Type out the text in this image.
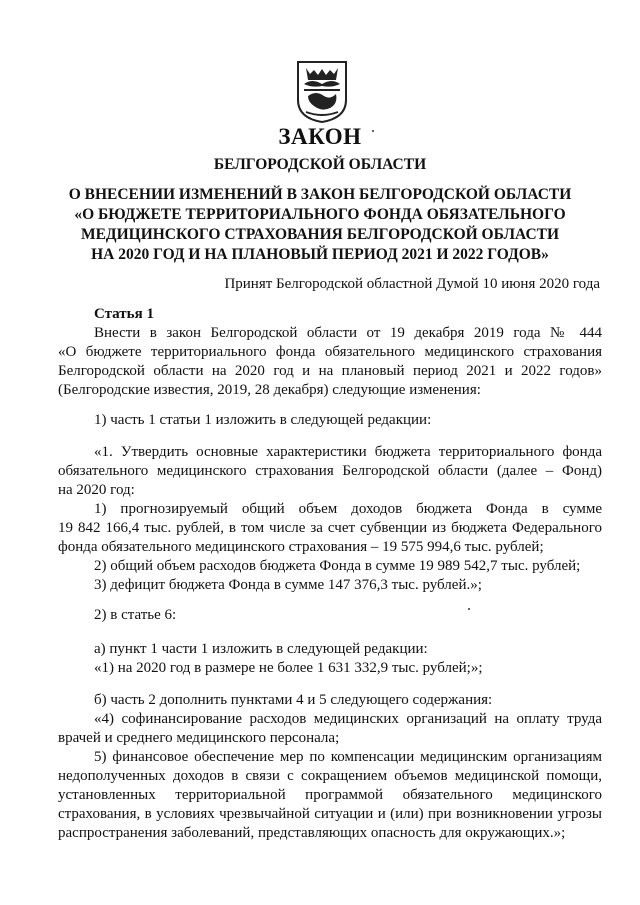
ЗАКОН
БЕЛГОРОДСКОЙ ОБЛАСТИ
О ВНЕСЕНИИ ИЗМЕНЕНИЙ В ЗАКОН БЕЛГОРОДСКОЙ ОБЛАСТИ
«О БЮДЖЕТЕ ТЕРРИТОРИАЛЬНОГО ФОНДА ОБЯЗАТЕЛЬНОГО
МЕДИЦИНСКОГО СТРАХОВАНИЯ БЕЛГОРОДСКОЙ ОБЛАСТИ
НА 2020 ГОД И НА ПЛАНОВЫЙ ПЕРИОД 2021 И 2022 ГОДОВ»
Принят Белгородской областной Думой 10 июня 2020 года
Статья 1
Внести в закон Белгородской области от 19 декабря 2019 года № 444
«О бюджете территориального фонда обязательного медицинского страхования
Белгородской области на 2020 год и на плановый период 2021 и 2022 годов»
(Белгородские известия, 2019, 28 декабря) следующие изменения:
1) часть 1 статьи 1 изложить в следующей редакции:
«1. Утвердить основные характеристики бюджета территориального фонда
обязательного медицинского страхования Белгородской области (далее – Фонд)
на 2020 год:
1) прогнозируемый общий объем доходов бюджета Фонда в сумме
19 842 166,4 тыс. рублей, в том числе за счет субвенции из бюджета Федерального
фонда обязательного медицинского страхования – 19 575 994,6 тыс. рублей;
2) общий объем расходов бюджета Фонда в сумме 19 989 542,7 тыс. рублей;
3) дефицит бюджета Фонда в сумме 147 376,3 тыс. рублей.»;
2) в статье 6:
а) пункт 1 части 1 изложить в следующей редакции:
«1) на 2020 год в размере не более 1 631 332,9 тыс. рублей;»;
б) часть 2 дополнить пунктами 4 и 5 следующего содержания:
«4) софинансирование расходов медицинских организаций на оплату труда
врачей и среднего медицинского персонала;
5) финансовое обеспечение мер по компенсации медицинским организациям
недополученных доходов в связи с сокращением объемов медицинской помощи,
установленных территориальной программой обязательного медицинского
страхования, в условиях чрезвычайной ситуации и (или) при возникновении угрозы
распространения заболеваний, представляющих опасность для окружающих.»;
